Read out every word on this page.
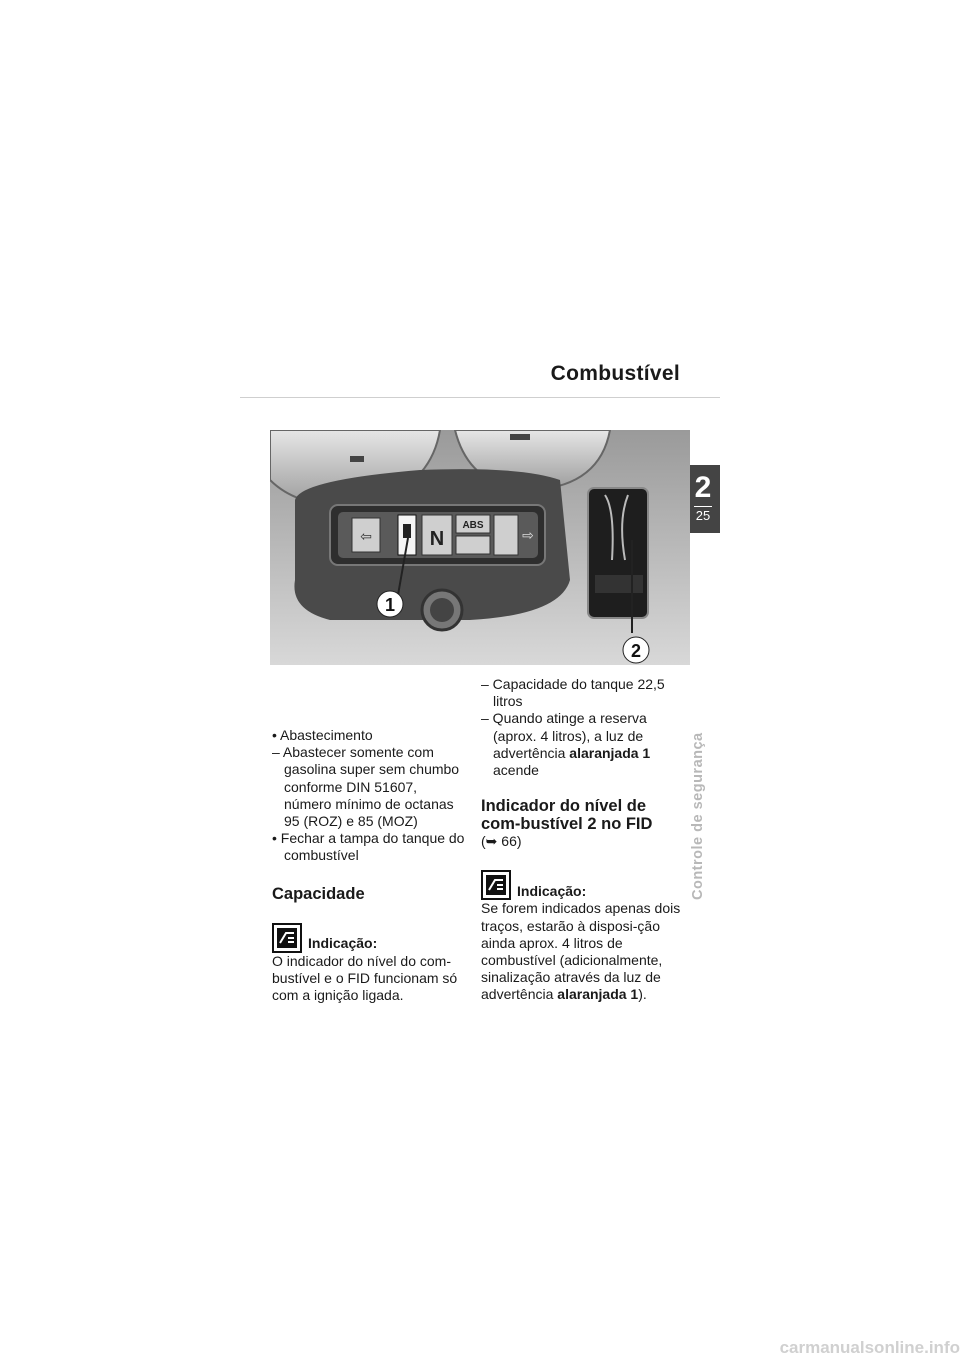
Combustível
2
25
Controle de segurança
⇦	N
ABS
⇨
1
2

• Abastecimento

– Abastecer somente com gasolina super sem chumbo conforme DIN 51607, número mínimo de octanas 95 (ROZ) e 85 (MOZ)

• Fechar a tampa do tanque do combustível

Capacidade
Indicação:

O indicador do nível do com-bustível e o FID funcionam só com a ignição ligada.

– Capacidade do tanque 22,5 litros

– Quando atinge a reserva (aprox. 4 litros), a luz de advertência alaranjada 1 acende

Indicador do nível de com-bustível 2 no FID

(➥ 66)

Indicação:

Se forem indicados apenas dois traços, estarão à disposi-ção ainda aprox. 4 litros de combustível (adicionalmente, sinalização através da luz de advertência alaranjada 1).

carmanualsonline.info
